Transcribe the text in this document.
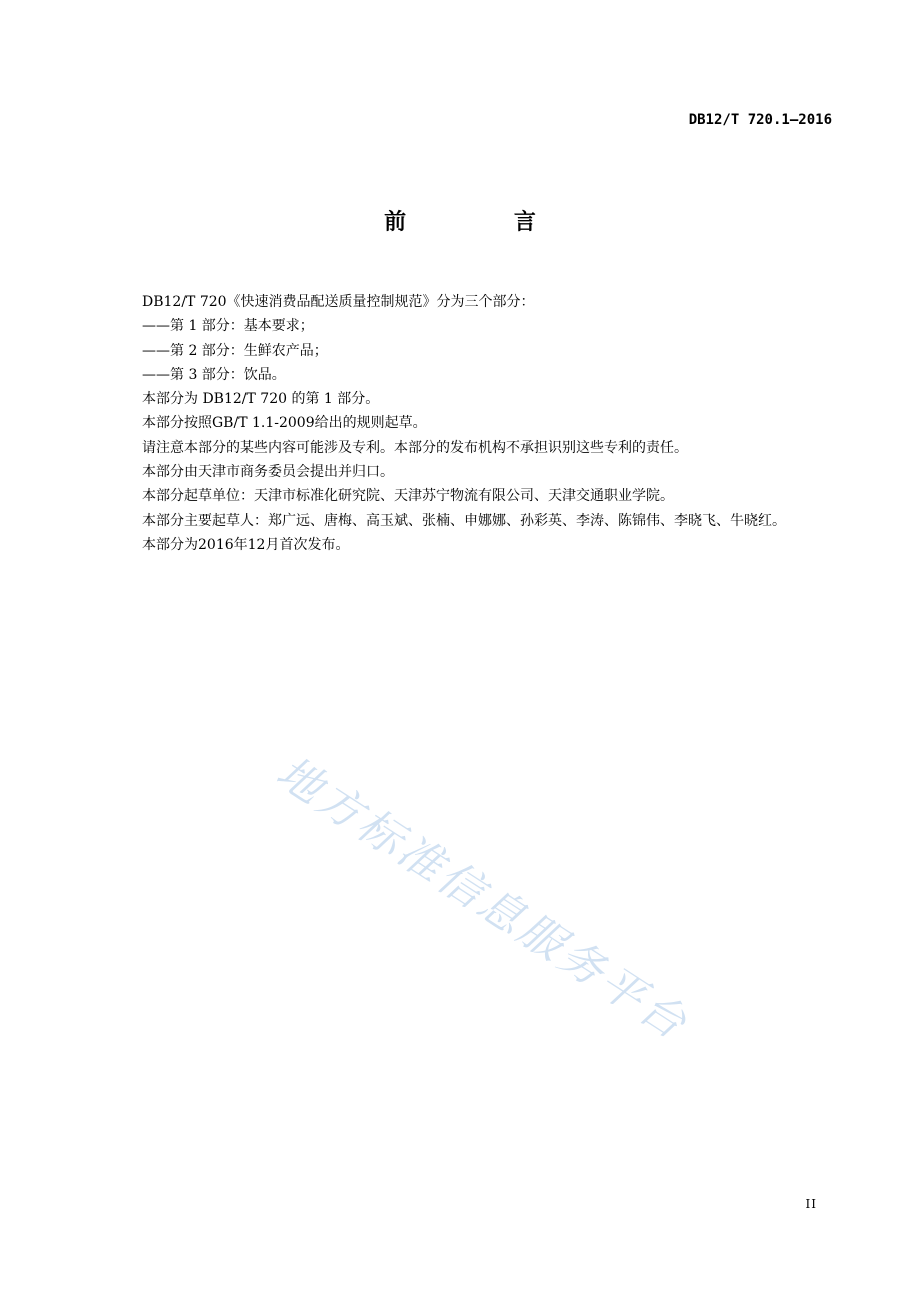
DB12/T 720.1—2016
前 言

DB12/T 720《快速消费品配送质量控制规范》分为三个部分：

——第 1 部分：基本要求；

——第 2 部分：生鲜农产品；

——第 3 部分：饮品。

本部分为 DB12/T 720 的第 1 部分。

本部分按照GB/T 1.1-2009给出的规则起草。

请注意本部分的某些内容可能涉及专利。本部分的发布机构不承担识别这些专利的责任。

本部分由天津市商务委员会提出并归口。

本部分起草单位：天津市标准化研究院、天津苏宁物流有限公司、天津交通职业学院。

本部分主要起草人：郑广远、唐梅、高玉斌、张楠、申娜娜、孙彩英、李涛、陈锦伟、李晓飞、牛晓红。

本部分为2016年12月首次发布。

地方标准信息服务平台
II
